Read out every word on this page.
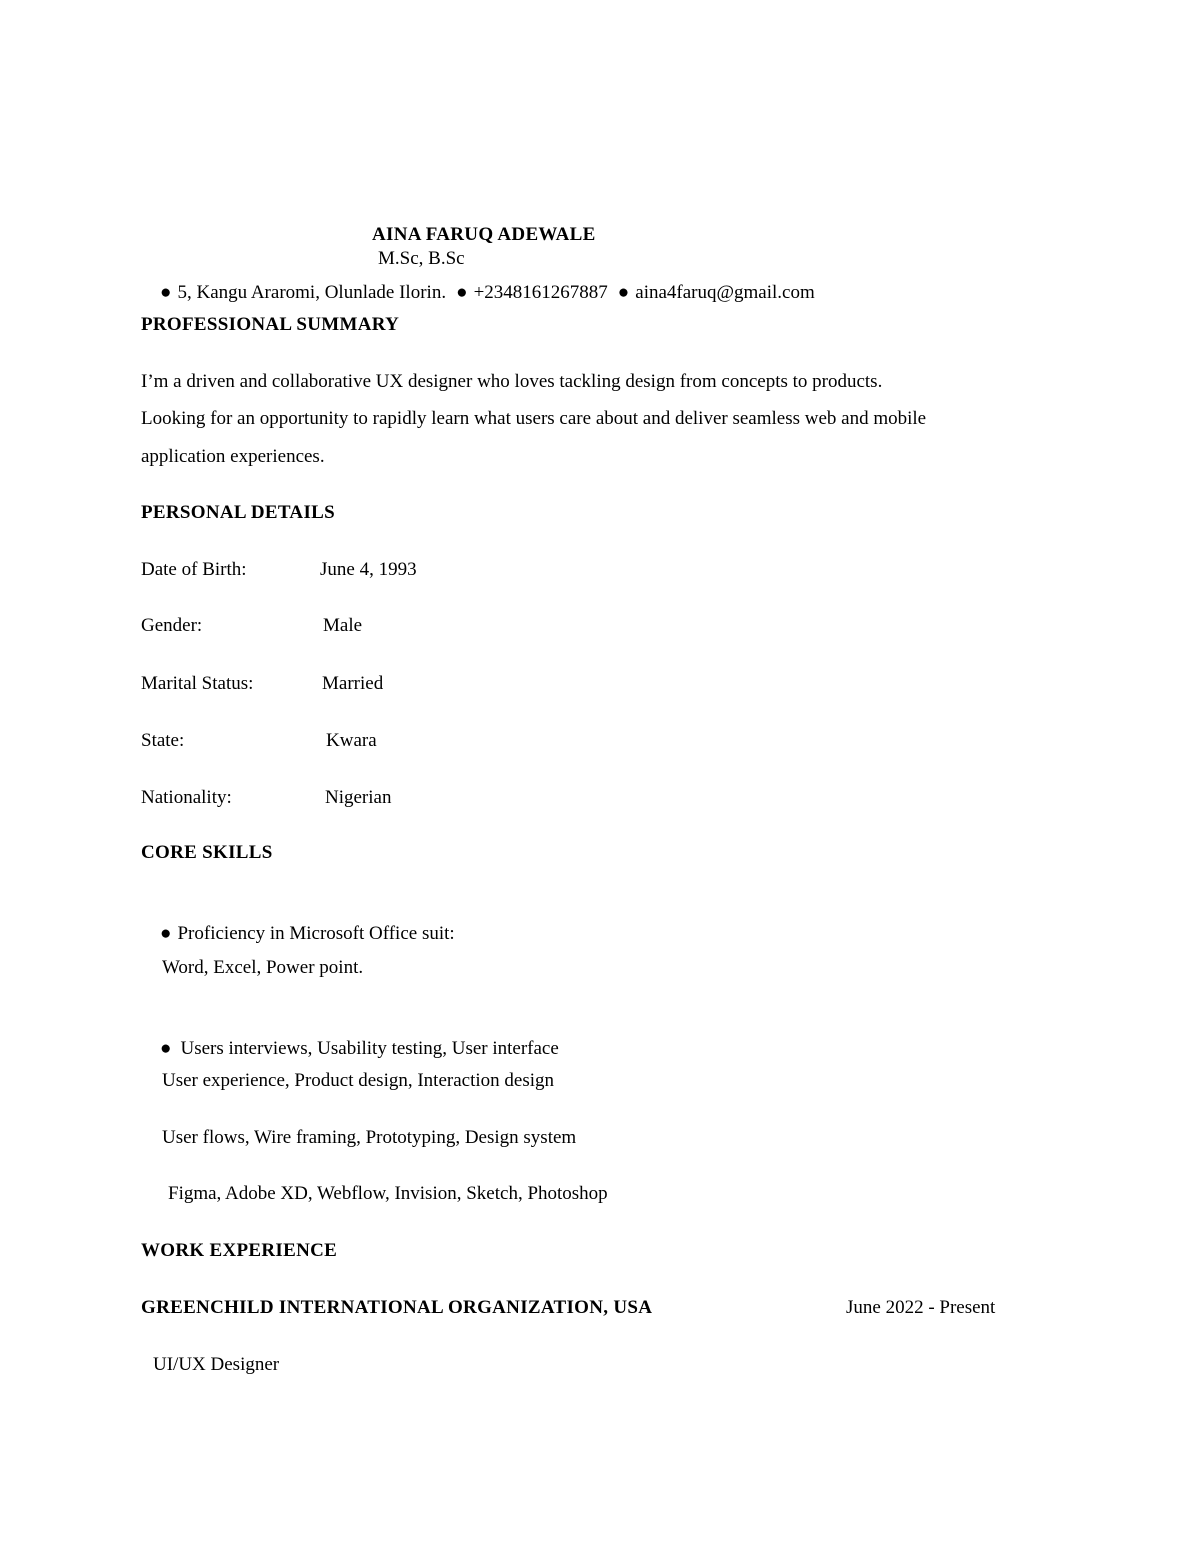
AINA FARUQ ADEWALE
M.Sc, B.Sc

● 5, Kangu Araromi, Olunlade Ilorin. ● +2348161267887 ● aina4faruq@gmail.com

PROFESSIONAL SUMMARY
I’m a driven and collaborative UX designer who loves tackling design from concepts to products.
Looking for an opportunity to rapidly learn what users care about and deliver seamless web and mobile
application experiences.
PERSONAL DETAILS
Date of Birth:	June 4, 1993
Gender:	Male
Marital Status:	Married
State:	Kwara
Nationality:	Nigerian
CORE SKILLS

● Proficiency in Microsoft Office suit:

Word, Excel, Power point.

● Users interviews, Usability testing, User interface

User experience, Product design, Interaction design
User flows, Wire framing, Prototyping, Design system
Figma, Adobe XD, Webflow, Invision, Sketch, Photoshop
WORK EXPERIENCE
GREENCHILD INTERNATIONAL ORGANIZATION, USA	June 2022 - Present
UI/UX Designer
